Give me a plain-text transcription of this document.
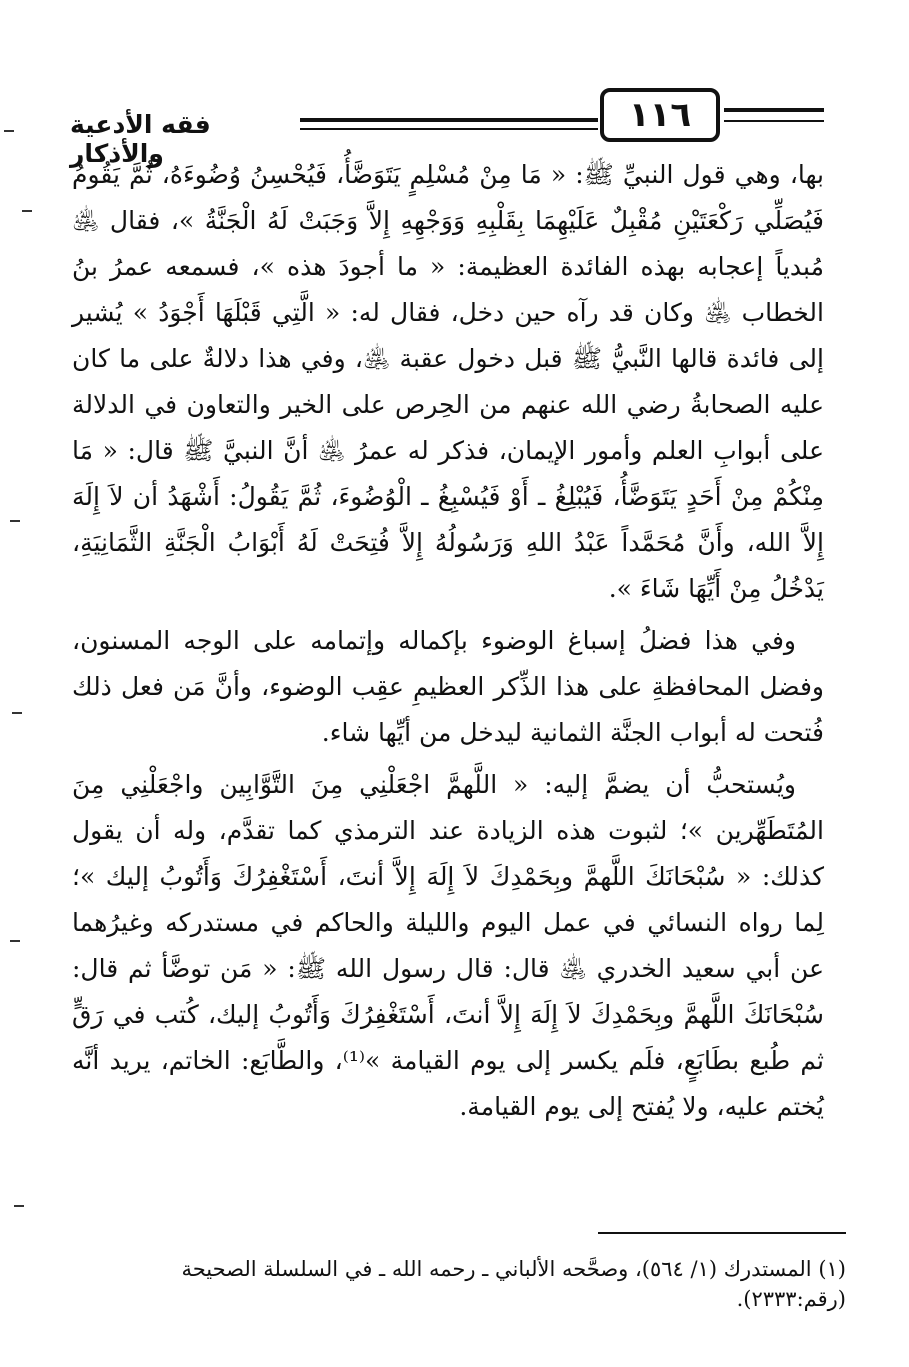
١١٦
فقه الأدعية والأذكار

بها، وهي قول النبيِّ ﷺ: « مَا مِنْ مُسْلِمٍ يَتَوَضَّأُ، فَيُحْسِنُ وُضُوءَهُ، ثُمَّ يَقُومُ فَيُصَلِّي رَكْعَتَيْنِ مُقْبِلٌ عَلَيْهِمَا بِقَلْبِهِ وَوَجْهِهِ إِلاَّ وَجَبَتْ لَهُ الْجَنَّةُ »، فقال ﵁ مُبدياً إعجابه بهذه الفائدة العظيمة: « ما أجودَ هذه »، فسمعه عمرُ بنُ الخطاب ﵁ وكان قد رآه حين دخل، فقال له: « الَّتِي قَبْلَهَا أَجْوَدُ » يُشير إلى فائدة قالها النَّبيُّ ﷺ قبل دخول عقبة ﵁، وفي هذا دلالةٌ على ما كان عليه الصحابةُ رضي الله عنهم من الحِرص على الخير والتعاون في الدلالة على أبوابِ العلم وأمور الإيمان، فذكر له عمرُ ﵁ أنَّ النبيَّ ﷺ قال: « مَا مِنْكُمْ مِنْ أَحَدٍ يَتَوَضَّأُ، فَيُبْلِغُ ـ أَوْ فَيُسْبِغُ ـ الْوُضُوءَ، ثُمَّ يَقُولُ: أَشْهَدُ أن لاَ إِلَهَ إِلاَّ الله، وأَنَّ مُحَمَّداً عَبْدُ اللهِ وَرَسُولُهُ إِلاَّ فُتِحَتْ لَهُ أَبْوَابُ الْجَنَّةِ الثَّمَانِيَةِ، يَدْخُلُ مِنْ أَيِّهَا شَاءَ ».

وفي هذا فضلُ إسباغ الوضوء بإكماله وإتمامه على الوجه المسنون، وفضل المحافظةِ على هذا الذِّكر العظيمِ عقِب الوضوء، وأنَّ مَن فعل ذلك فُتحت له أبواب الجنَّة الثمانية ليدخل من أيِّها شاء.

ويُستحبُّ أن يضمَّ إليه: « اللَّهمَّ اجْعَلْنِي مِنَ التَّوَّابِين واجْعَلْنِي مِنَ المُتَطَهِّرين »؛ لثبوت هذه الزيادة عند الترمذي كما تقدَّم، وله أن يقول كذلك: « سُبْحَانَكَ اللَّهمَّ وبِحَمْدِكَ لاَ إِلَهَ إِلاَّ أنتَ، أَسْتَغْفِرُكَ وَأَتُوبُ إليك »؛ لِما رواه النسائي في عمل اليوم والليلة والحاكم في مستدركه وغيرُهما عن أبي سعيد الخدري ﵁ قال: قال رسول الله ﷺ: « مَن توضَّأ ثم قال: سُبْحَانَكَ اللَّهمَّ وبِحَمْدِكَ لاَ إِلَهَ إِلاَّ أنتَ، أَسْتَغْفِرُكَ وَأَتُوبُ إليك، كُتب في رَقٍّ ثم طُبع بطَابَعٍ، فلَم يكسر إلى يوم القيامة »⁽¹⁾، والطَّابَع: الخاتم، يريد أنَّه يُختم عليه، ولا يُفتح إلى يوم القيامة.

(١) المستدرك (١/ ٥٦٤)، وصحَّحه الألباني ـ رحمه الله ـ في السلسلة الصحيحة (رقم:٢٣٣٣).
